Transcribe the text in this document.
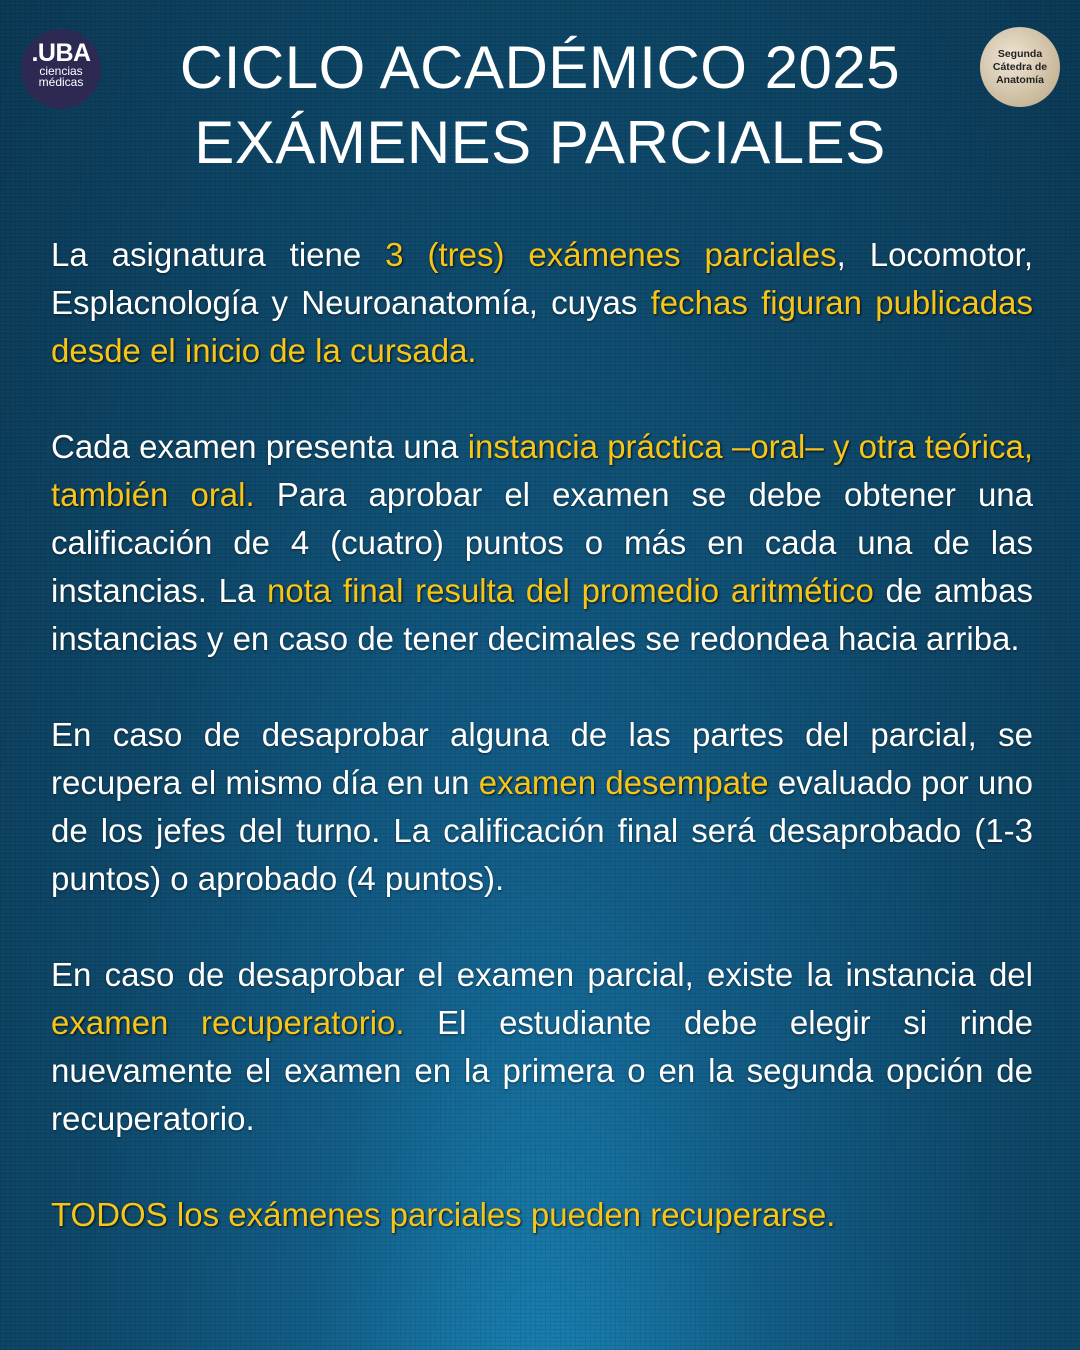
.UBA
ciencias
médicas
Segunda
Cátedra de
Anatomía
CICLO ACADÉMICO 2025
EXÁMENES PARCIALES

La asignatura tiene 3 (tres) exámenes parciales, Locomotor, Esplacnología y Neuroanatomía, cuyas fechas figuran publicadas desde el inicio de la cursada.

Cada examen presenta una instancia práctica –oral– y otra teórica, también oral. Para aprobar el examen se debe obtener una calificación de 4 (cuatro) puntos o más en cada una de las instancias. La nota final resulta del promedio aritmético de ambas instancias y en caso de tener decimales se redondea hacia arriba.

En caso de desaprobar alguna de las partes del parcial, se recupera el mismo día en un examen desempate evaluado por uno de los jefes del turno. La calificación final será desaprobado (1-3 puntos) o aprobado (4 puntos).

En caso de desaprobar el examen parcial, existe la instancia del examen recuperatorio. El estudiante debe elegir si rinde nuevamente el examen en la primera o en la segunda opción de recuperatorio.

TODOS los exámenes parciales pueden recuperarse.
